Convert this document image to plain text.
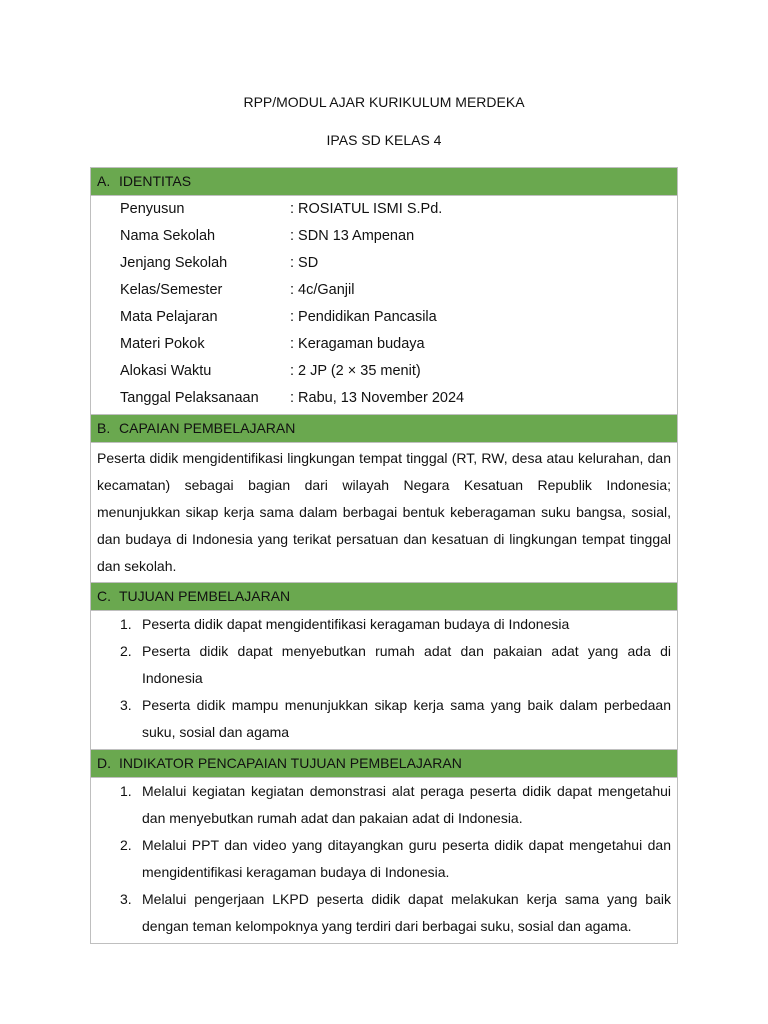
RPP/MODUL AJAR KURIKULUM MERDEKA
IPAS SD KELAS 4
A. IDENTITAS
Penyusun	: ROSIATUL ISMI S.Pd.
Nama Sekolah	: SDN 13 Ampenan
Jenjang Sekolah	: SD
Kelas/Semester	: 4c/Ganjil
Mata Pelajaran	: Pendidikan Pancasila
Materi Pokok	: Keragaman budaya
Alokasi Waktu	: 2 JP (2 × 35 menit)
Tanggal Pelaksanaan : Rabu, 13 November 2024
B. CAPAIAN PEMBELAJARAN
Peserta didik mengidentifikasi lingkungan tempat tinggal (RT, RW, desa atau kelurahan, dan kecamatan) sebagai bagian dari wilayah Negara Kesatuan Republik Indonesia; menunjukkan sikap kerja sama dalam berbagai bentuk keberagaman suku bangsa, sosial, dan budaya di Indonesia yang terikat persatuan dan kesatuan di lingkungan tempat tinggal dan sekolah.
C. TUJUAN PEMBELAJARAN
1. Peserta didik dapat mengidentifikasi keragaman budaya di Indonesia
2. Peserta didik dapat menyebutkan rumah adat dan pakaian adat yang ada di Indonesia
3. Peserta didik mampu menunjukkan sikap kerja sama yang baik dalam perbedaan suku, sosial dan agama
D. INDIKATOR PENCAPAIAN TUJUAN PEMBELAJARAN
1. Melalui kegiatan kegiatan demonstrasi alat peraga peserta didik dapat mengetahui dan menyebutkan rumah adat dan pakaian adat di Indonesia.
2. Melalui PPT dan video yang ditayangkan guru peserta didik dapat mengetahui dan mengidentifikasi keragaman budaya di Indonesia.
3. Melalui pengerjaan LKPD peserta didik dapat melakukan kerja sama yang baik dengan teman kelompoknya yang terdiri dari berbagai suku, sosial dan agama.
